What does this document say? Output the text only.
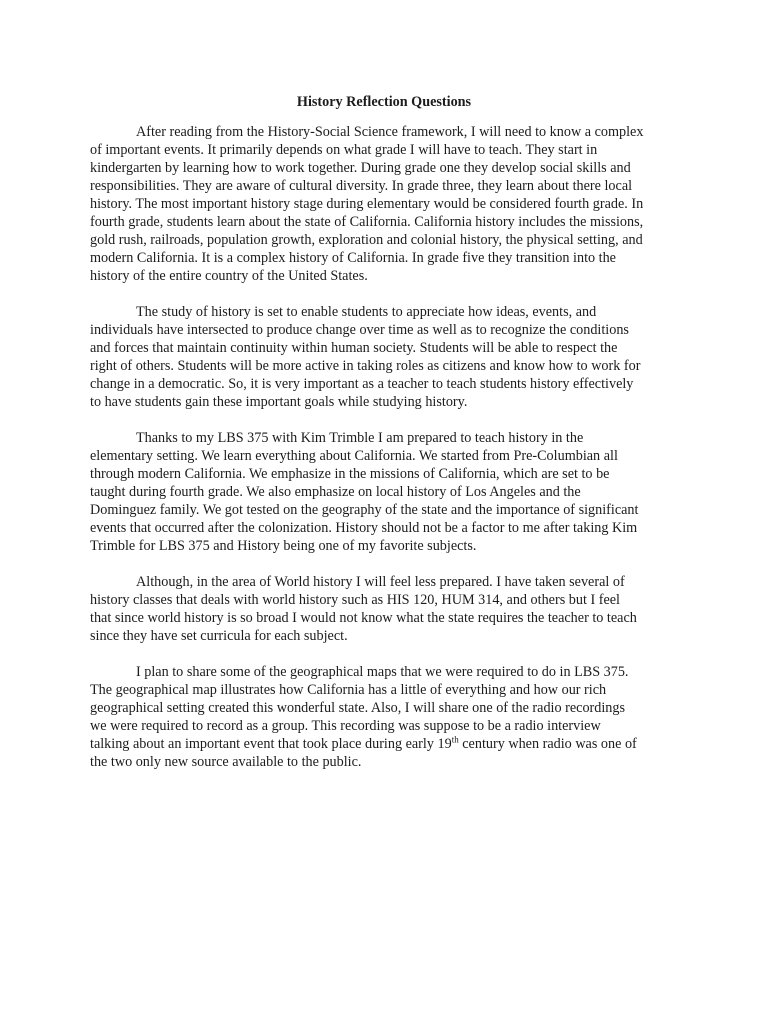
History Reflection Questions
After reading from the History-Social Science framework, I will need to know a complex
of important events. It primarily depends on what grade I will have to teach. They start in
kindergarten by learning how to work together. During grade one they develop social skills and
responsibilities. They are aware of cultural diversity. In grade three, they learn about there local
history. The most important history stage during elementary would be considered fourth grade. In
fourth grade, students learn about the state of California. California history includes the missions,
gold rush, railroads, population growth, exploration and colonial history, the physical setting, and
modern California. It is a complex history of California. In grade five they transition into the
history of the entire country of the United States.
The study of history is set to enable students to appreciate how ideas, events, and
individuals have intersected to produce change over time as well as to recognize the conditions
and forces that maintain continuity within human society. Students will be able to respect the
right of others. Students will be more active in taking roles as citizens and know how to work for
change in a democratic. So, it is very important as a teacher to teach students history effectively
to have students gain these important goals while studying history.
Thanks to my LBS 375 with Kim Trimble I am prepared to teach history in the
elementary setting. We learn everything about California. We started from Pre-Columbian all
through modern California. We emphasize in the missions of California, which are set to be
taught during fourth grade. We also emphasize on local history of Los Angeles and the
Dominguez family. We got tested on the geography of the state and the importance of significant
events that occurred after the colonization. History should not be a factor to me after taking Kim
Trimble for LBS 375 and History being one of my favorite subjects.
Although, in the area of World history I will feel less prepared. I have taken several of
history classes that deals with world history such as HIS 120, HUM 314, and others but I feel
that since world history is so broad I would not know what the state requires the teacher to teach
since they have set curricula for each subject.
I plan to share some of the geographical maps that we were required to do in LBS 375.
The geographical map illustrates how California has a little of everything and how our rich
geographical setting created this wonderful state. Also, I will share one of the radio recordings
we were required to record as a group. This recording was suppose to be a radio interview
talking about an important event that took place during early 19th century when radio was one of
the two only new source available to the public.
